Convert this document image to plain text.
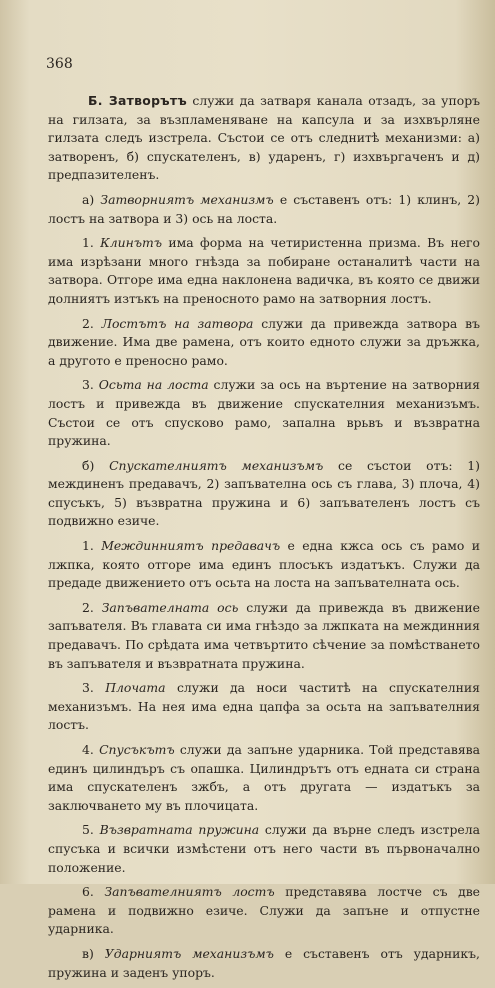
368

Б. Затворътъ служи да затваря канала отзадъ, за упоръ на гилзата, за възпламеняване на капсула и за изхвърляне гилзата следъ изстрела. Състои се отъ следнитѣ механизми: а) затворенъ, б) спускателенъ, в) ударенъ, г) изхвъргаченъ и д) предпазителенъ.

а) Затворниятъ механизмъ е съставенъ отъ: 1) клинъ, 2) лостъ на затвора и 3) ось на лоста.

1. Клинътъ има форма на четиристенна призма. Въ него има изрѣзани много гнѣзда за побиране останалитѣ части на затвора. Отгоре има една наклонена вадичка, въ която се движи долниятъ изтъкъ на преносното рамо на затворния лостъ.

2. Лостътъ на затвора служи да привежда затвора въ движение. Има две рамена, отъ които едното служи за дръжка, а другото е преносно рамо.

3. Осьта на лоста служи за ось на въртение на затворния лостъ и привежда въ движение спускателния механизъмъ. Състои се отъ спусково рамо, запална врьвъ и възвратна пружина.

б) Спускателниятъ механизъмъ се състои отъ: 1) междиненъ предавачъ, 2) запъвателна ось съ глава, 3) плоча, 4) спусъкъ, 5) възвратна пружина и 6) запъвателенъ лостъ съ подвижно езиче.

1. Междинниятъ предавачъ е една кжса ось съ рамо и лжпка, която отгоре има единъ плосъкъ издатъкъ. Служи да предаде движението отъ осьта на лоста на запъвателната ось.

2. Запъвателната ось служи да привежда въ движение запъвателя. Въ главата си има гнѣздо за лжпката на междинния предавачъ. По срѣдата има четвъртито сѣчение за помѣстването въ запъвателя и възвратната пружина.

3. Плочата служи да носи частитѣ на спускателния механизъмъ. На нея има една цапфа за осьта на запъвателния лостъ.

4. Спусъкътъ служи да запъне ударника. Той представява единъ цилиндъръ съ опашка. Цилиндрътъ отъ едната си страна има спускателенъ зжбъ, а отъ другата — издатъкъ за заключването му въ плочицата.

5. Възвратната пружина служи да върне следъ изстрела спусъка и всички измѣстени отъ него части въ първоначално положение.

6. Запъвателниятъ лостъ представява лостче съ две рамена и подвижно езиче. Служи да запъне и отпустне ударника.

в) Ударниятъ механизъмъ е съставенъ отъ ударникъ, пружина и заденъ упоръ.
